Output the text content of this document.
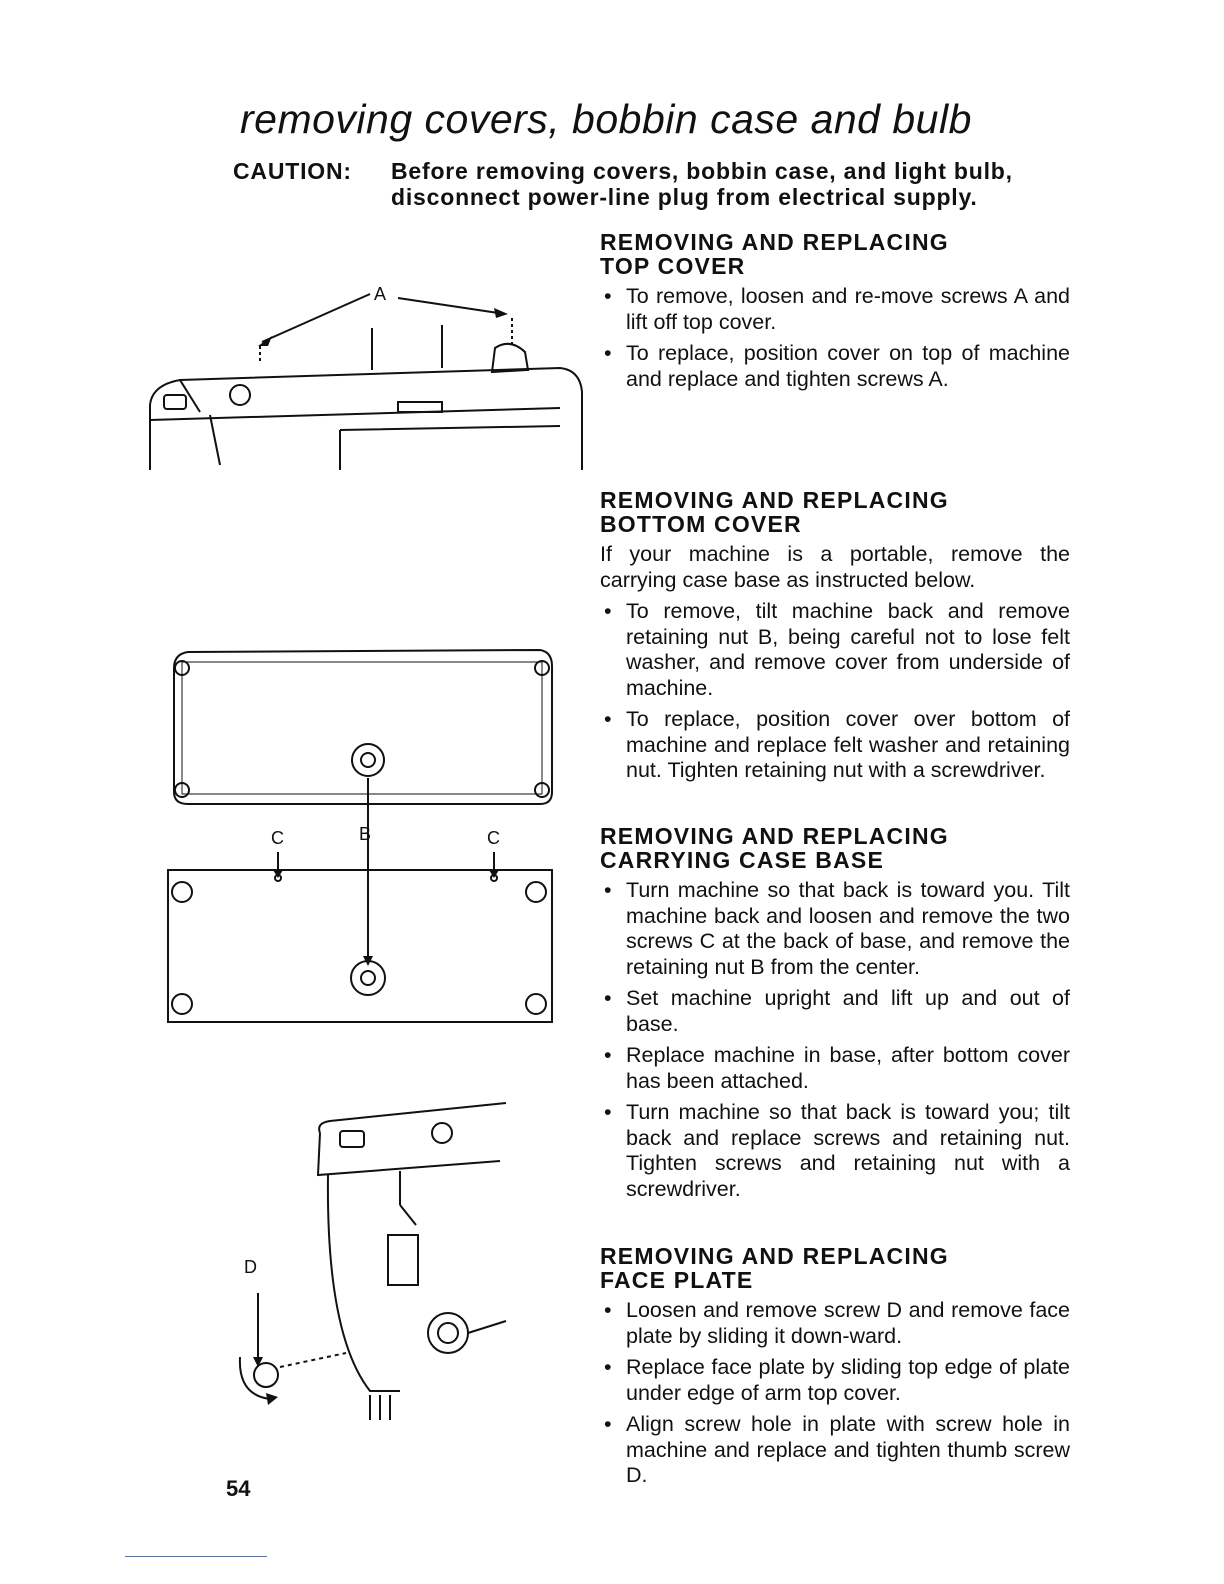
removing covers, bobbin case and bulb
CAUTION: Before removing covers, bobbin case, and light bulb, disconnect power-line plug from electrical supply.
A
C	B	C
D
REMOVING AND REPLACING TOP COVER
• To remove, loosen and re-move screws A and lift off top cover.
• To replace, position cover on top of machine and replace and tighten screws A.
REMOVING AND REPLACING BOTTOM COVER
If your machine is a portable, remove the carrying case base as instructed below.
• To remove, tilt machine back and remove retaining nut B, being careful not to lose felt washer, and remove cover from underside of machine.
• To replace, position cover over bottom of machine and replace felt washer and retaining nut. Tighten retaining nut with a screwdriver.
REMOVING AND REPLACING CARRYING CASE BASE
• Turn machine so that back is toward you. Tilt machine back and loosen and remove the two screws C at the back of base, and remove the retaining nut B from the center.
• Set machine upright and lift up and out of base.
• Replace machine in base, after bottom cover has been attached.
• Turn machine so that back is toward you; tilt back and replace screws and retaining nut. Tighten screws and retaining nut with a screwdriver.
REMOVING AND REPLACING FACE PLATE
• Loosen and remove screw D and remove face plate by sliding it down-ward.
• Replace face plate by sliding top edge of plate under edge of arm top cover.
• Align screw hole in plate with screw hole in machine and replace and tighten thumb screw D.
54
